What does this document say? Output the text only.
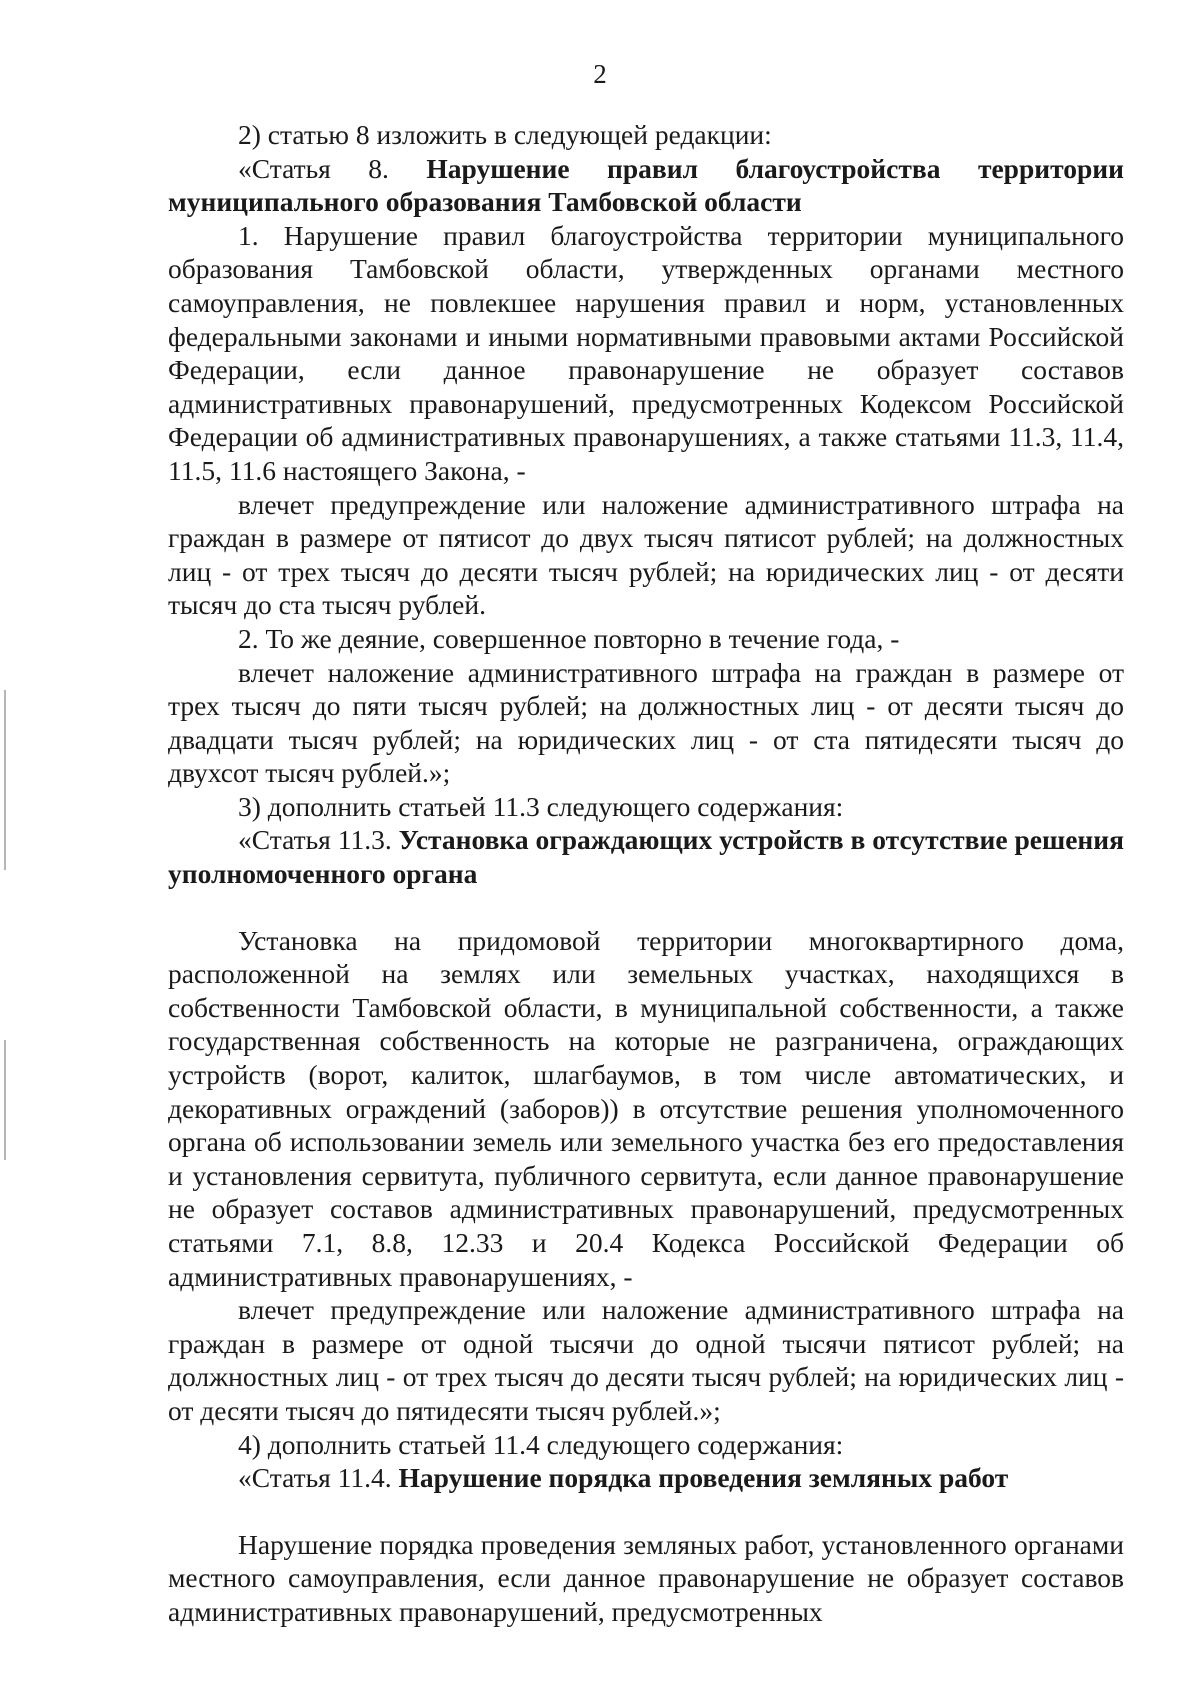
2

2) статью 8 изложить в следующей редакции:

«Статья 8. Нарушение правил благоустройства территории муниципального образования Тамбовской области

1. Нарушение правил благоустройства территории муниципального образования Тамбовской области, утвержденных органами местного самоуправления, не повлекшее нарушения правил и норм, установленных федеральными законами и иными нормативными правовыми актами Российской Федерации, если данное правонарушение не образует составов административных правонарушений, предусмотренных Кодексом Российской Федерации об административных правонарушениях, а также статьями 11.3, 11.4, 11.5, 11.6 настоящего Закона, -

влечет предупреждение или наложение административного штрафа на граждан в размере от пятисот до двух тысяч пятисот рублей; на должностных лиц - от трех тысяч до десяти тысяч рублей; на юридических лиц - от десяти тысяч до ста тысяч рублей.

2. То же деяние, совершенное повторно в течение года, -

влечет наложение административного штрафа на граждан в размере от трех тысяч до пяти тысяч рублей; на должностных лиц - от десяти тысяч до двадцати тысяч рублей; на юридических лиц - от ста пятидесяти тысяч до двухсот тысяч рублей.»;

3) дополнить статьей 11.3 следующего содержания:

«Статья 11.3. Установка ограждающих устройств в отсутствие решения уполномоченного органа

Установка на придомовой территории многоквартирного дома, расположенной на землях или земельных участках, находящихся в собственности Тамбовской области, в муниципальной собственности, а также государственная собственность на которые не разграничена, ограждающих устройств (ворот, калиток, шлагбаумов, в том числе автоматических, и декоративных ограждений (заборов)) в отсутствие решения уполномоченного органа об использовании земель или земельного участка без его предоставления и установления сервитута, публичного сервитута, если данное правонарушение не образует составов административных правонарушений, предусмотренных статьями 7.1, 8.8, 12.33 и 20.4 Кодекса Российской Федерации об административных правонарушениях, -

влечет предупреждение или наложение административного штрафа на граждан в размере от одной тысячи до одной тысячи пятисот рублей; на должностных лиц - от трех тысяч до десяти тысяч рублей; на юридических лиц - от десяти тысяч до пятидесяти тысяч рублей.»;

4) дополнить статьей 11.4 следующего содержания:

«Статья 11.4. Нарушение порядка проведения земляных работ

Нарушение порядка проведения земляных работ, установленного органами местного самоуправления, если данное правонарушение не образует составов административных правонарушений, предусмотренных
